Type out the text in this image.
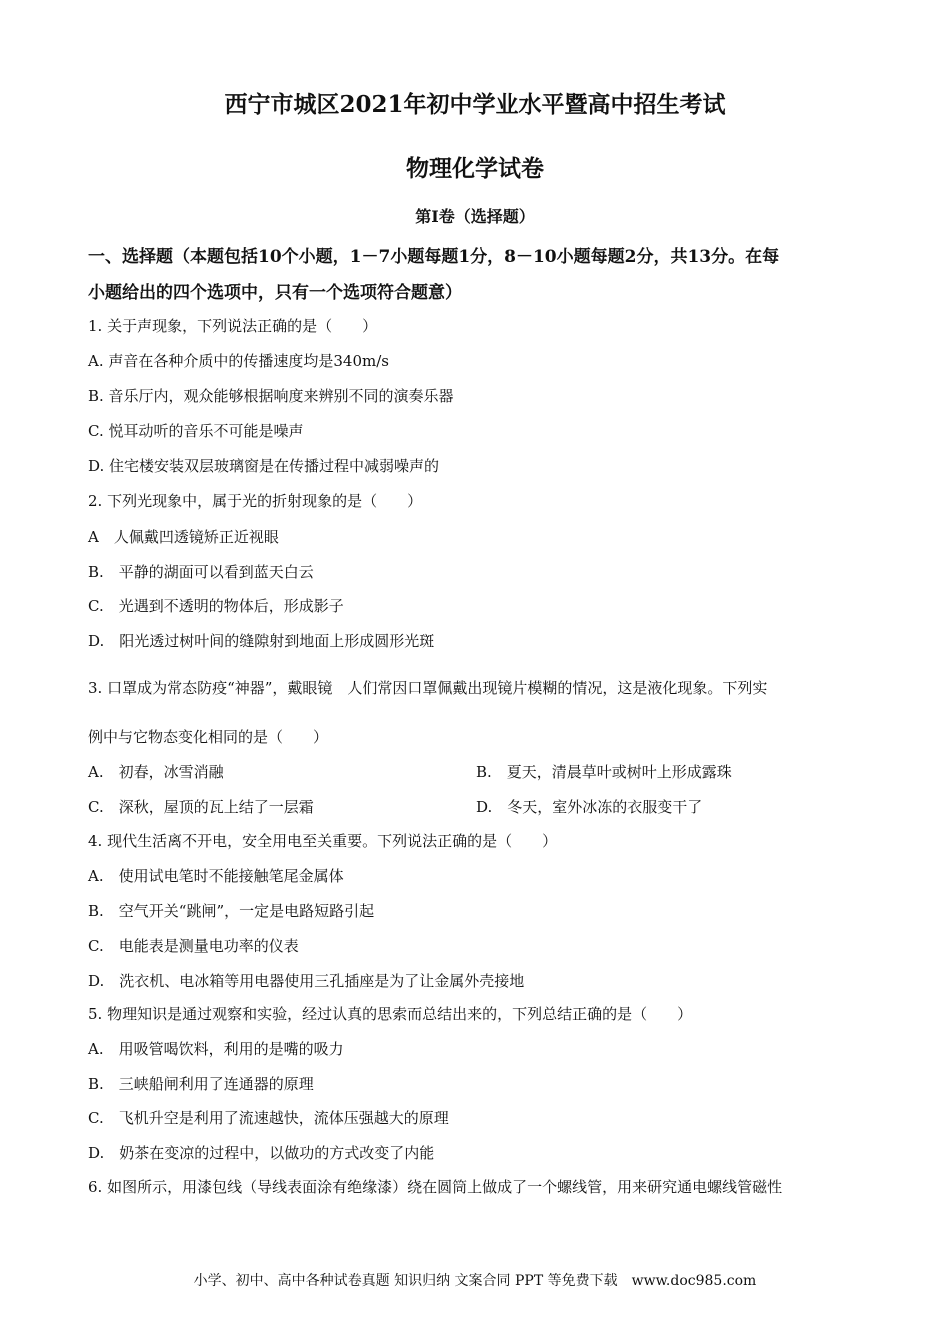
西宁市城区2021年初中学业水平暨高中招生考试
物理化学试卷
第Ⅰ卷（选择题）
一、选择题（本题包括10个小题，1－7小题每题1分，8－10小题每题2分，共13分。在每
小题给出的四个选项中，只有一个选项符合题意）
1. 关于声现象，下列说法正确的是（　　）
A. 声音在各种介质中的传播速度均是340m/s
B. 音乐厅内，观众能够根据响度来辨别不同的演奏乐器
C. 悦耳动听的音乐不可能是噪声
D. 住宅楼安装双层玻璃窗是在传播过程中减弱噪声的
2. 下列光现象中，属于光的折射现象的是（　　）
A　人佩戴凹透镜矫正近视眼
B.　平静的湖面可以看到蓝天白云
C.　光遇到不透明的物体后，形成影子
D.　阳光透过树叶间的缝隙射到地面上形成圆形光斑
3. 口罩成为常态防疫“神器”，戴眼镜　人们常因口罩佩戴出现镜片模糊的情况，这是液化现象。下列实
例中与它物态变化相同的是（　　）
A.　初春，冰雪消融	B.　夏天，清晨草叶或树叶上形成露珠
C.　深秋，屋顶的瓦上结了一层霜	D.　冬天，室外冰冻的衣服变干了
4. 现代生活离不开电，安全用电至关重要。下列说法正确的是（　　）
A.　使用试电笔时不能接触笔尾金属体
B.　空气开关“跳闸”，一定是电路短路引起
C.　电能表是测量电功率的仪表
D.　洗衣机、电冰箱等用电器使用三孔插座是为了让金属外壳接地
5. 物理知识是通过观察和实验，经过认真的思索而总结出来的，下列总结正确的是（　　）
A.　用吸管喝饮料，利用的是嘴的吸力
B.　三峡船闸利用了连通器的原理
C.　飞机升空是利用了流速越快，流体压强越大的原理
D.　奶茶在变凉的过程中，以做功的方式改变了内能
6. 如图所示，用漆包线（导线表面涂有绝缘漆）绕在圆筒上做成了一个螺线管，用来研究通电螺线管磁性
小学、初中、高中各种试卷真题 知识归纳 文案合同 PPT 等免费下载　www.doc985.com
